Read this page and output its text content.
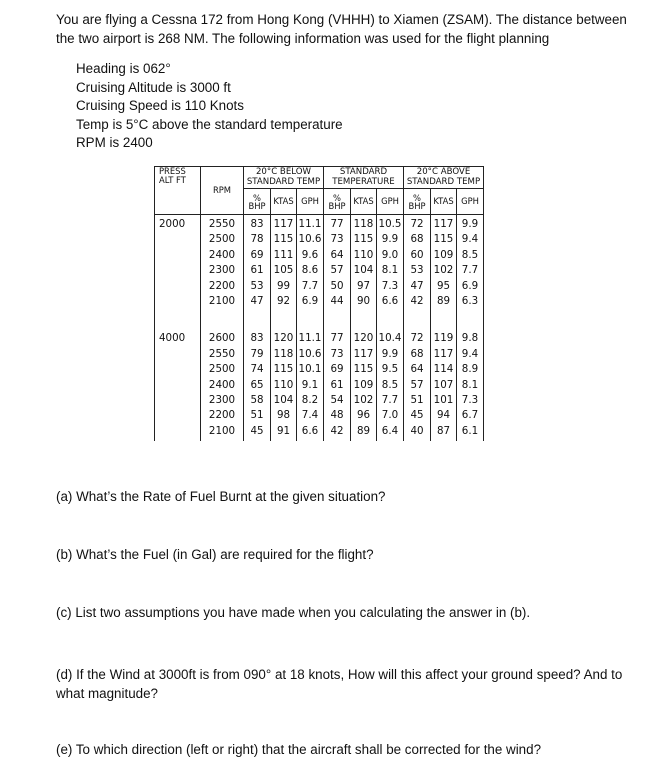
You are flying a Cessna 172 from Hong Kong (VHHH) to Xiamen (ZSAM). The distance between the two airport is 268 NM. The following information was used for the flight planning
Heading is 062°
Cruising Altitude is 3000 ft
Cruising Speed is 110 Knots
Temp is 5°C above the standard temperature
RPM is 2400
PRESS ALT FT	RPM	20°C BELOW STANDARD TEMP			STANDARD TEMPERATURE			20°C ABOVE STANDARD TEMP		
		% BHP	KTAS	GPH	% BHP	KTAS	GPH	% BHP	KTAS	GPH
2000	2550	83	117	11.1	77	118	10.5	72	117	9.9
	2500	78	115	10.6	73	115	9.9	68	115	9.4
	2400	69	111	9.6	64	110	9.0	60	109	8.5
	2300	61	105	8.6	57	104	8.1	53	102	7.7
	2200	53	99	7.7	50	97	7.3	47	95	6.9
	2100	47	92	6.9	44	90	6.6	42	89	6.3

4000	2600	83	120	11.1	77	120	10.4	72	119	9.8
	2550	79	118	10.6	73	117	9.9	68	117	9.4
	2500	74	115	10.1	69	115	9.5	64	114	8.9
	2400	65	110	9.1	61	109	8.5	57	107	8.1
	2300	58	104	8.2	54	102	7.7	51	101	7.3
	2200	51	98	7.4	48	96	7.0	45	94	6.7
	2100	45	91	6.6	42	89	6.4	40	87	6.1
(a) What’s the Rate of Fuel Burnt at the given situation?
(b) What’s the Fuel (in Gal) are required for the flight?
(c) List two assumptions you have made when you calculating the answer in (b).
(d) If the Wind at 3000ft is from 090° at 18 knots, How will this affect your ground speed? And to what magnitude?
(e) To which direction (left or right) that the aircraft shall be corrected for the wind?
